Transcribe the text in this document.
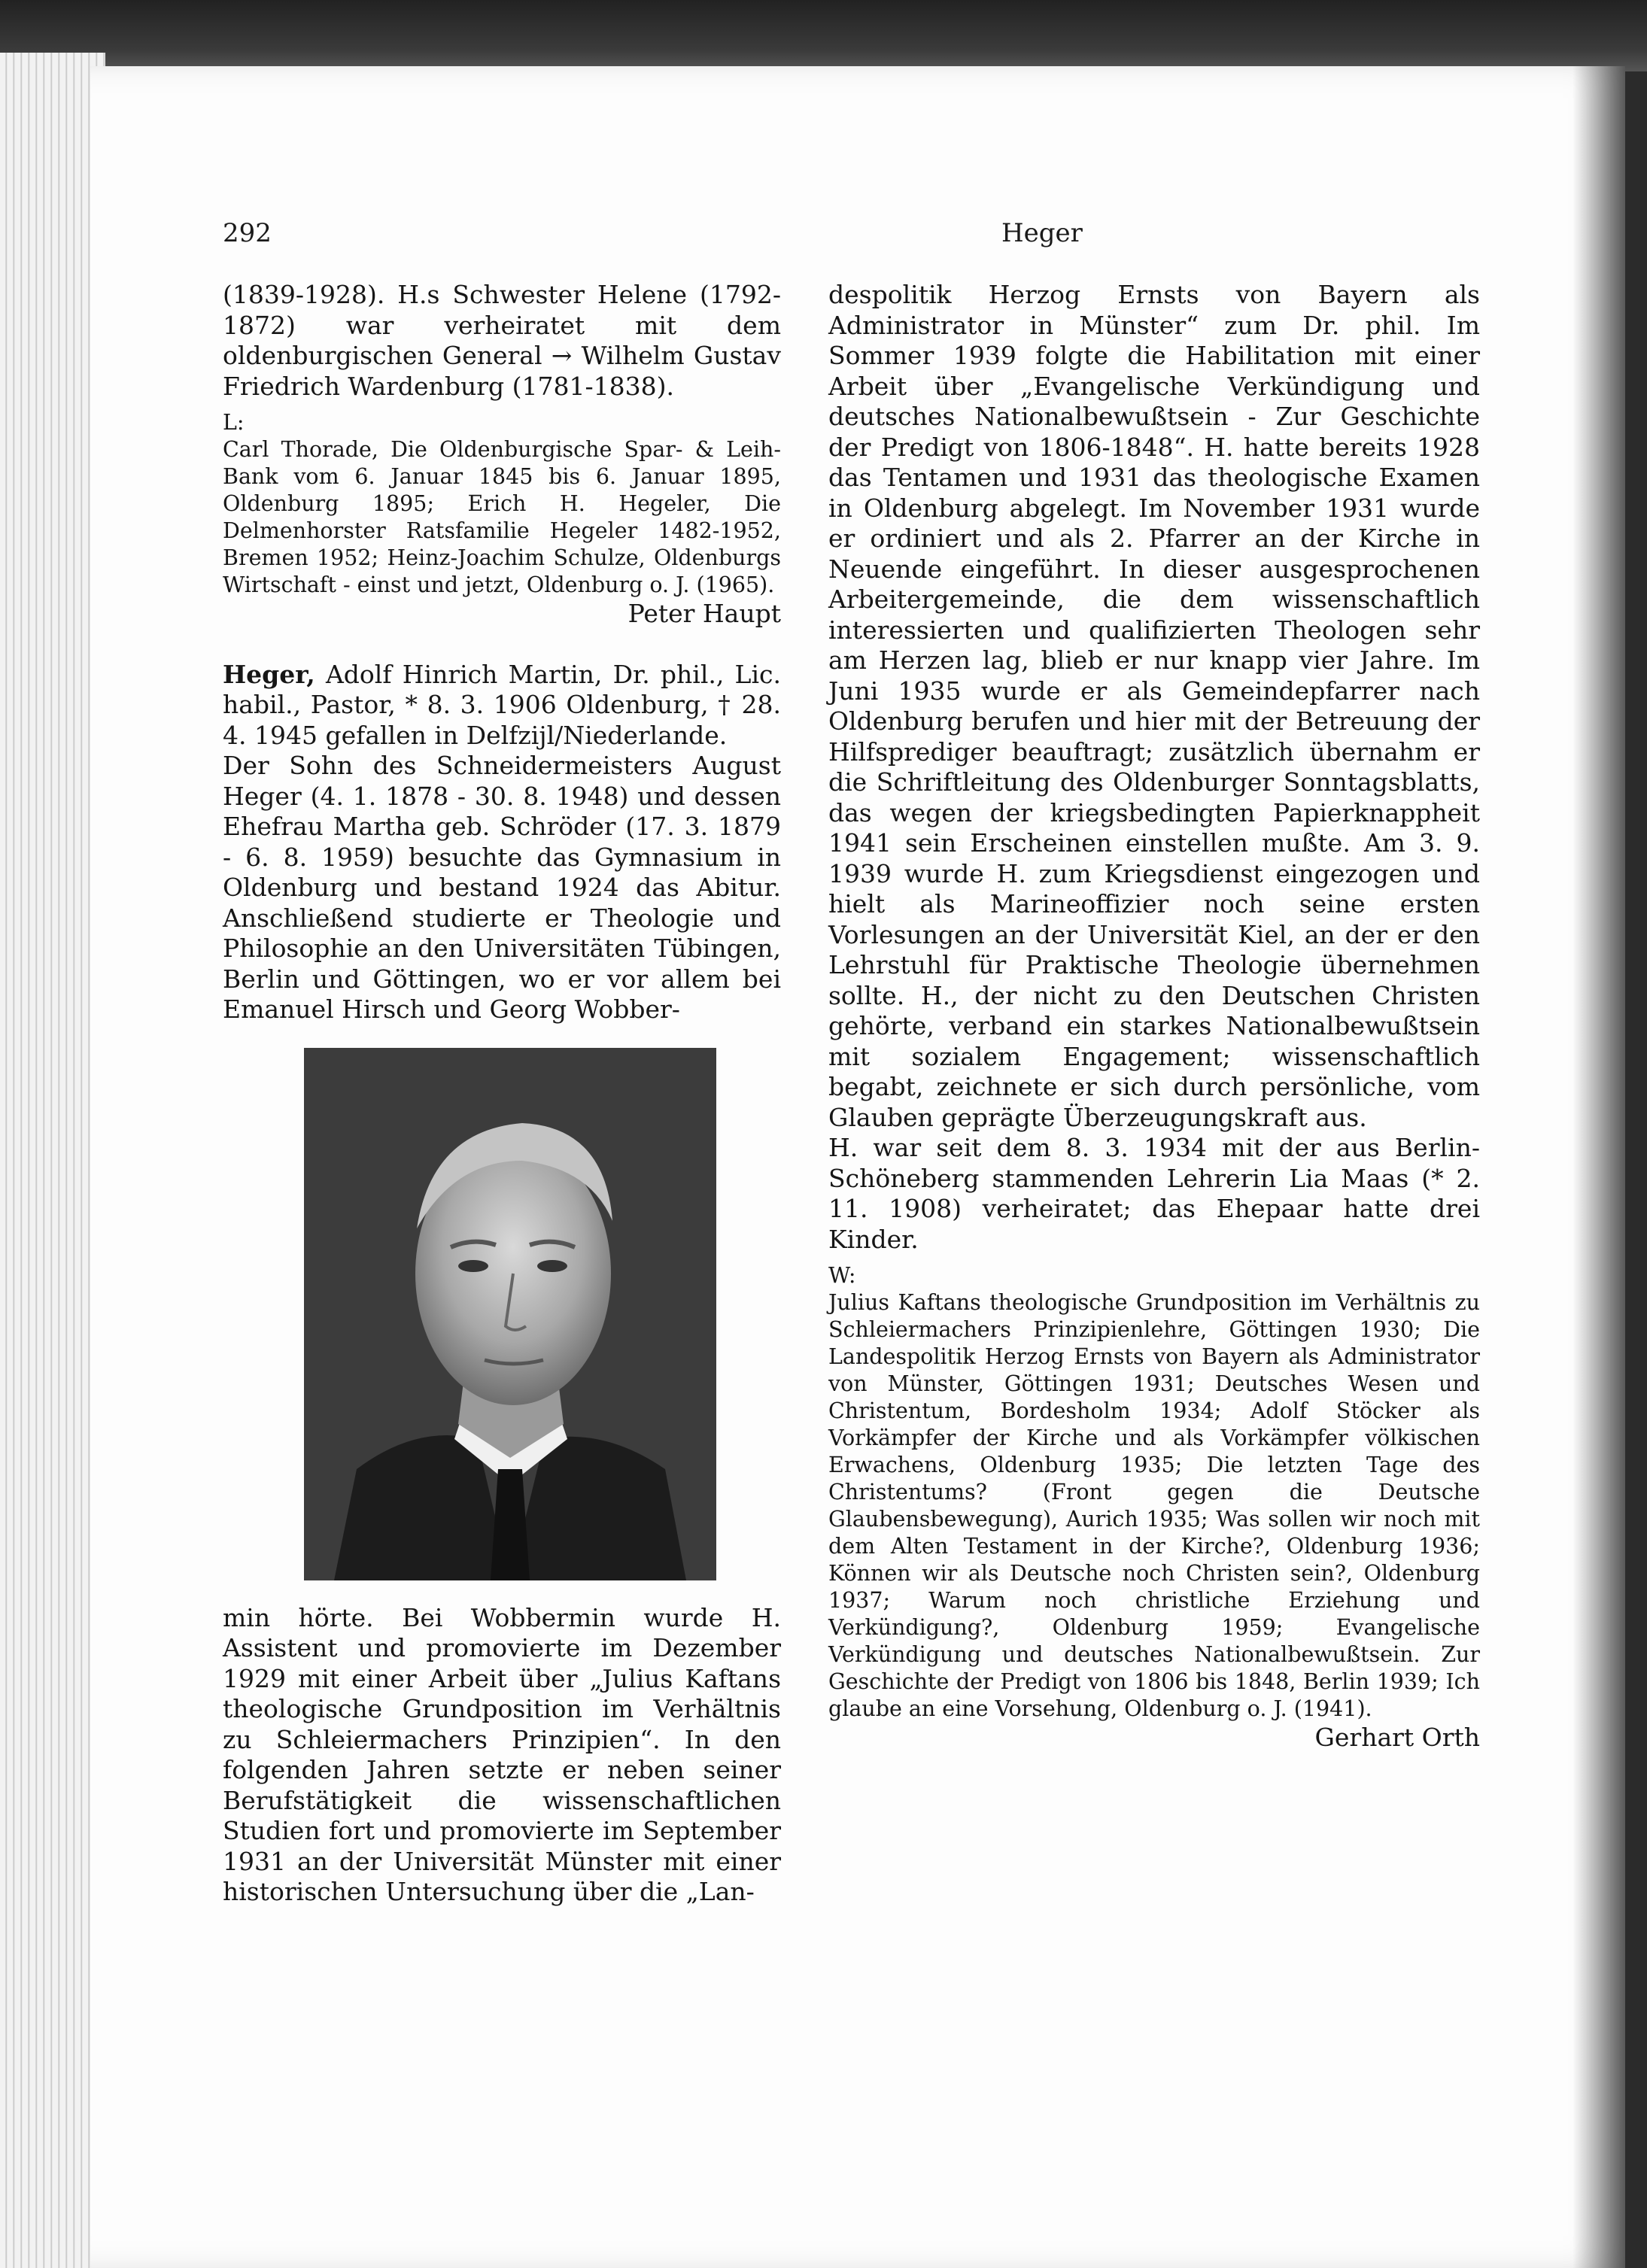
292	Heger

(1839-1928). H.s Schwester Helene (1792-1872) war verheiratet mit dem oldenburgischen General → Wilhelm Gustav Friedrich Wardenburg (1781-1838).

L:

Carl Thorade, Die Oldenburgische Spar- & Leih-Bank vom 6. Januar 1845 bis 6. Januar 1895, Oldenburg 1895; Erich H. Hegeler, Die Delmenhorster Ratsfamilie Hegeler 1482-1952, Bremen 1952; Heinz-Joachim Schulze, Oldenburgs Wirtschaft - einst und jetzt, Oldenburg o. J. (1965).

Peter Haupt

Heger, Adolf Hinrich Martin, Dr. phil., Lic. habil., Pastor, * 8. 3. 1906 Oldenburg, † 28. 4. 1945 gefallen in Delfzijl/Niederlande.

Der Sohn des Schneidermeisters August Heger (4. 1. 1878 - 30. 8. 1948) und dessen Ehefrau Martha geb. Schröder (17. 3. 1879 - 6. 8. 1959) besuchte das Gymnasium in Oldenburg und bestand 1924 das Abitur. Anschließend studierte er Theologie und Philosophie an den Universitäten Tübingen, Berlin und Göttingen, wo er vor allem bei Emanuel Hirsch und Georg Wobber-

min hörte. Bei Wobbermin wurde H. Assistent und promovierte im Dezember 1929 mit einer Arbeit über „Julius Kaftans theologische Grundposition im Verhältnis zu Schleiermachers Prinzipien“. In den folgenden Jahren setzte er neben seiner Berufstätigkeit die wissenschaftlichen Studien fort und promovierte im September 1931 an der Universität Münster mit einer historischen Untersuchung über die „Lan-

despolitik Herzog Ernsts von Bayern als Administrator in Münster“ zum Dr. phil. Im Sommer 1939 folgte die Habilitation mit einer Arbeit über „Evangelische Verkündigung und deutsches Nationalbewußtsein - Zur Geschichte der Predigt von 1806-1848“. H. hatte bereits 1928 das Tentamen und 1931 das theologische Examen in Oldenburg abgelegt. Im November 1931 wurde er ordiniert und als 2. Pfarrer an der Kirche in Neuende eingeführt. In dieser ausgesprochenen Arbeitergemeinde, die dem wissenschaftlich interessierten und qualifizierten Theologen sehr am Herzen lag, blieb er nur knapp vier Jahre. Im Juni 1935 wurde er als Gemeindepfarrer nach Oldenburg berufen und hier mit der Betreuung der Hilfsprediger beauftragt; zusätzlich übernahm er die Schriftleitung des Oldenburger Sonntagsblatts, das wegen der kriegsbedingten Papierknappheit 1941 sein Erscheinen einstellen mußte. Am 3. 9. 1939 wurde H. zum Kriegsdienst eingezogen und hielt als Marineoffizier noch seine ersten Vorlesungen an der Universität Kiel, an der er den Lehrstuhl für Praktische Theologie übernehmen sollte. H., der nicht zu den Deutschen Christen gehörte, verband ein starkes Nationalbewußtsein mit sozialem Engagement; wissenschaftlich begabt, zeichnete er sich durch persönliche, vom Glauben geprägte Überzeugungskraft aus.

H. war seit dem 8. 3. 1934 mit der aus Berlin-Schöneberg stammenden Lehrerin Lia Maas (* 2. 11. 1908) verheiratet; das Ehepaar hatte drei Kinder.

W:

Julius Kaftans theologische Grundposition im Verhältnis zu Schleiermachers Prinzipienlehre, Göttingen 1930; Die Landespolitik Herzog Ernsts von Bayern als Administrator von Münster, Göttingen 1931; Deutsches Wesen und Christentum, Bordesholm 1934; Adolf Stöcker als Vorkämpfer der Kirche und als Vorkämpfer völkischen Erwachens, Oldenburg 1935; Die letzten Tage des Christentums? (Front gegen die Deutsche Glaubensbewegung), Aurich 1935; Was sollen wir noch mit dem Alten Testament in der Kirche?, Oldenburg 1936; Können wir als Deutsche noch Christen sein?, Oldenburg 1937; Warum noch christliche Erziehung und Verkündigung?, Oldenburg 1959; Evangelische Verkündigung und deutsches Nationalbewußtsein. Zur Geschichte der Predigt von 1806 bis 1848, Berlin 1939; Ich glaube an eine Vorsehung, Oldenburg o. J. (1941).

Gerhart Orth
